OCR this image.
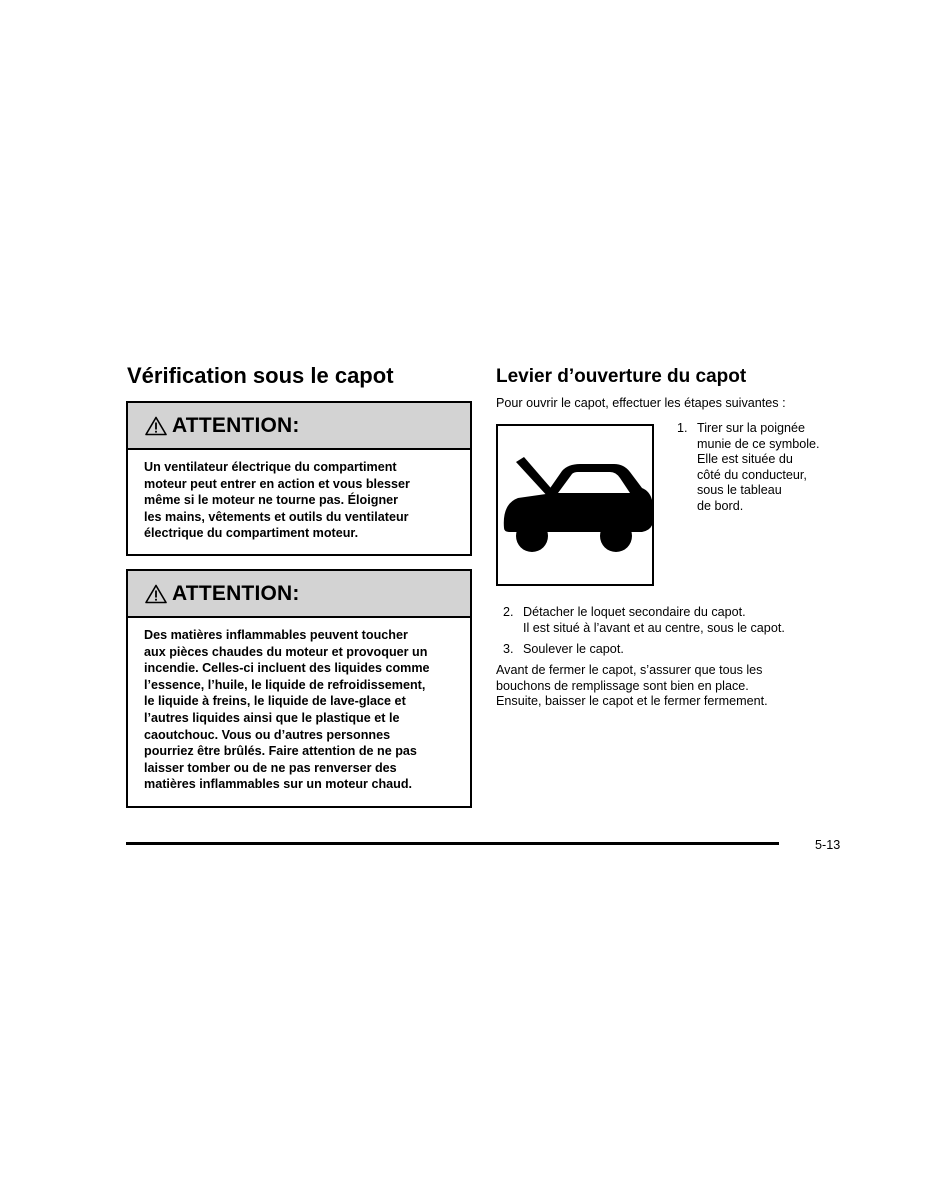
Vérification sous le capot
ATTENTION:
Un ventilateur électrique du compartiment
moteur peut entrer en action et vous blesser
même si le moteur ne tourne pas. Éloigner
les mains, vêtements et outils du ventilateur
électrique du compartiment moteur.
ATTENTION:
Des matières inflammables peuvent toucher
aux pièces chaudes du moteur et provoquer un
incendie. Celles-ci incluent des liquides comme
l’essence, l’huile, le liquide de refroidissement,
le liquide à freins, le liquide de lave-glace et
l’autres liquides ainsi que le plastique et le
caoutchouc. Vous ou d’autres personnes
pourriez être brûlés. Faire attention de ne pas
laisser tomber ou de ne pas renverser des
matières inflammables sur un moteur chaud.
Levier d’ouverture du capot

Pour ouvrir le capot, effectuer les étapes suivantes :

1. Tirer sur la poignée
munie de ce symbole.
Elle est située du
côté du conducteur,
sous le tableau
de bord.
2. Détacher le loquet secondaire du capot.
Il est situé à l’avant et au centre, sous le capot.
3. Soulever le capot.
Avant de fermer le capot, s’assurer que tous les
bouchons de remplissage sont bien en place.
Ensuite, baisser le capot et le fermer fermement.
5-13
